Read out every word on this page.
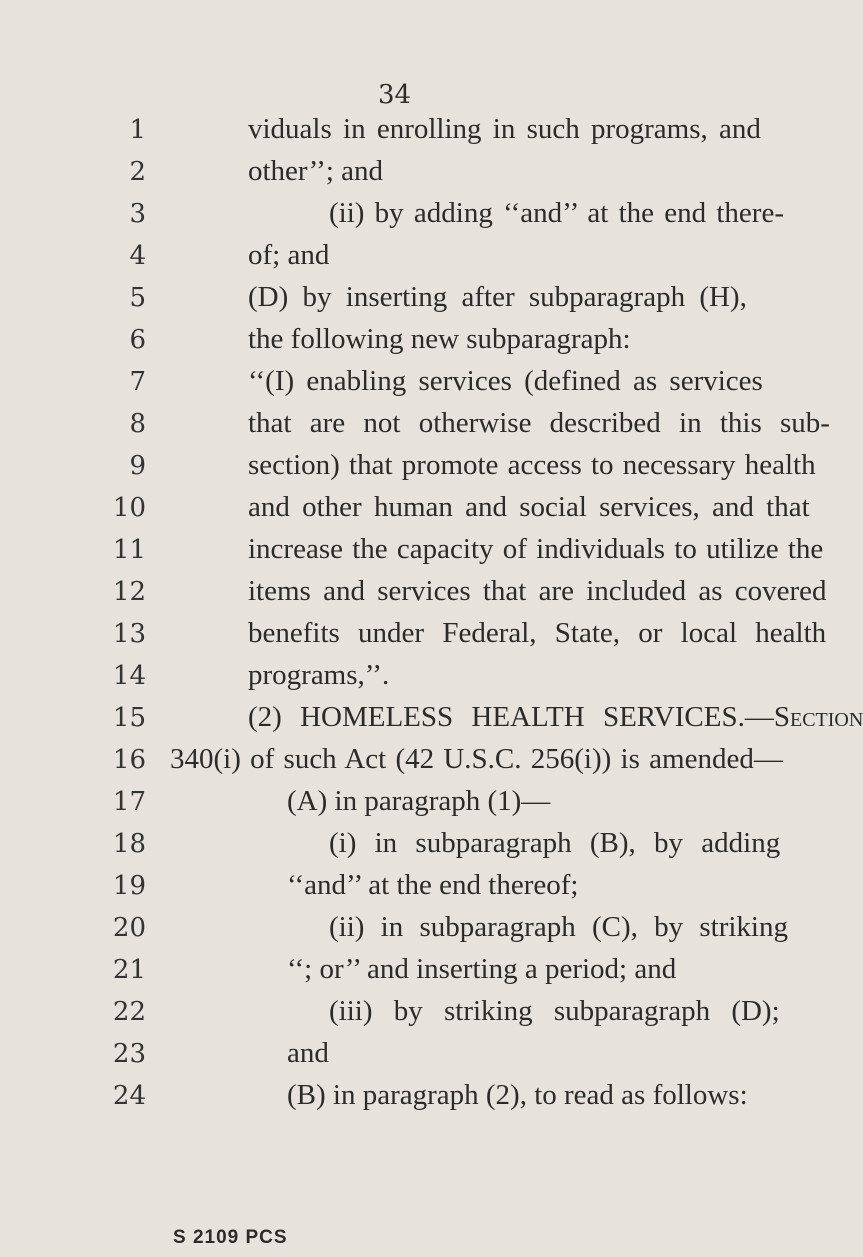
34
1
2
3
4
5
6
7
8
9
10
11
12
13
14
15
16
17
18
19
20
21
22
23
24
viduals in enrolling in such programs, and
other’’; and
(ii) by adding ‘‘and’’ at the end there-
of; and
(D) by inserting after subparagraph (H),
the following new subparagraph:
‘‘(I) enabling services (defined as services
that are not otherwise described in this sub-
section) that promote access to necessary health
and other human and social services, and that
increase the capacity of individuals to utilize the
items and services that are included as covered
benefits under Federal, State, or local health
programs,’’.
(2) HOMELESS HEALTH SERVICES.—Section
340(i) of such Act (42 U.S.C. 256(i)) is amended—
(A) in paragraph (1)—
(i) in subparagraph (B), by adding
‘‘and’’ at the end thereof;
(ii) in subparagraph (C), by striking
‘‘; or’’ and inserting a period; and
(iii) by striking subparagraph (D);
and
(B) in paragraph (2), to read as follows:
S 2109 PCS
